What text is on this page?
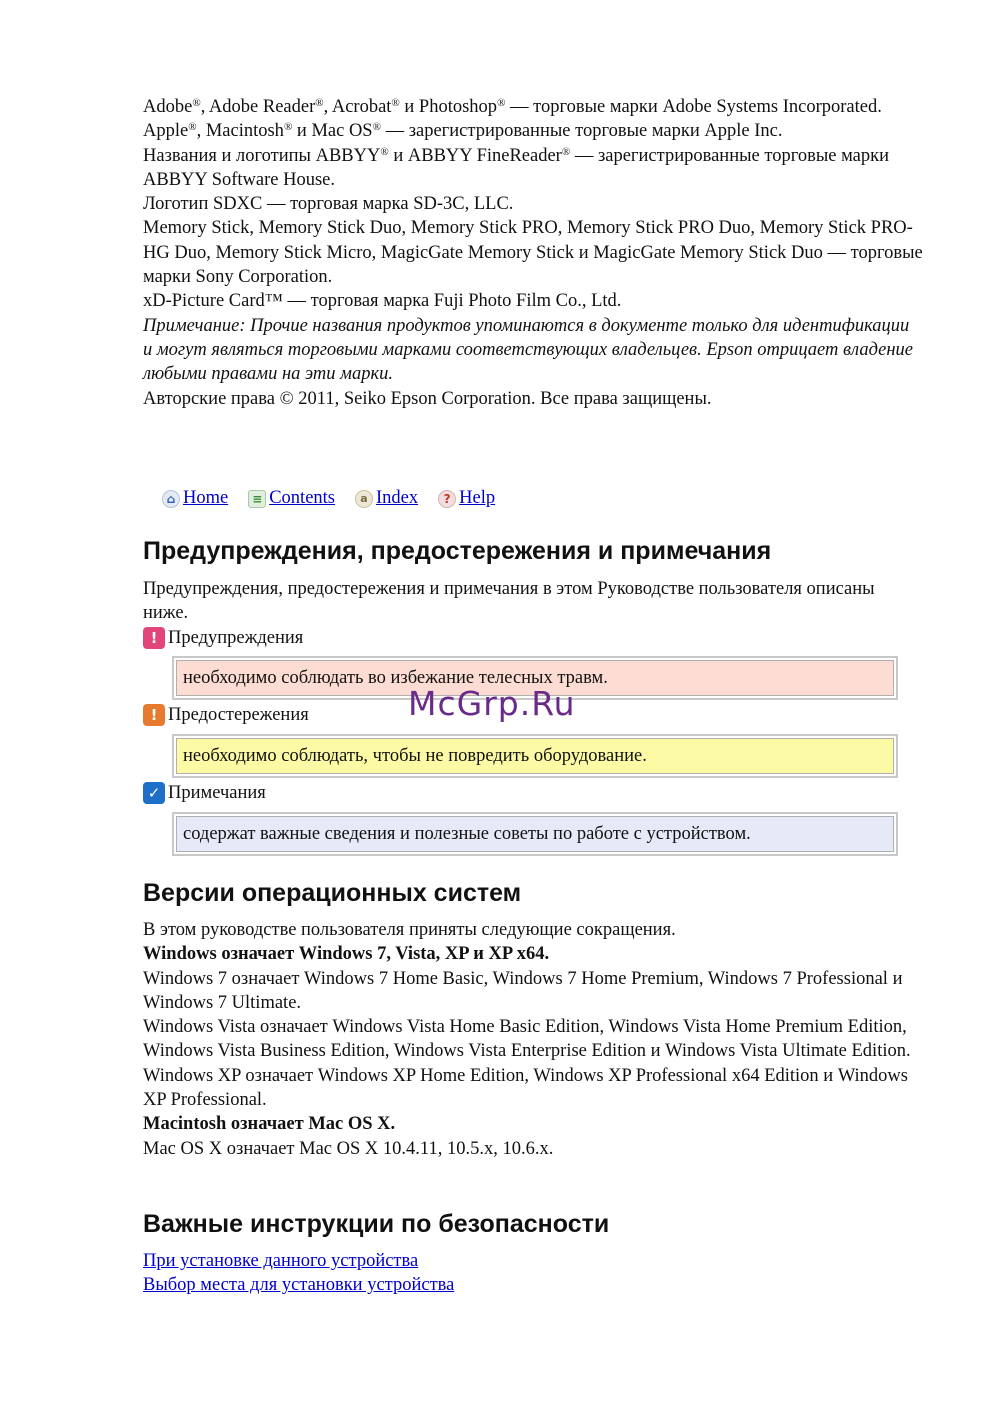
Adobe®, Adobe Reader®, Acrobat® и Photoshop® — торговые марки Adobe Systems Incorporated.

Apple®, Macintosh® и Mac OS® — зарегистрированные торговые марки Apple Inc.

Названия и логотипы ABBYY® и ABBYY FineReader® — зарегистрированные торговые марки ABBYY Software House.

Логотип SDXC — торговая марка SD-3C, LLC.

Memory Stick, Memory Stick Duo, Memory Stick PRO, Memory Stick PRO Duo, Memory Stick PRO-HG Duo, Memory Stick Micro, MagicGate Memory Stick и MagicGate Memory Stick Duo — торговые марки Sony Corporation.

xD-Picture Card™ — торговая марка Fuji Photo Film Co., Ltd.

Примечание: Прочие названия продуктов упоминаются в документе только для идентификации и могут являться торговыми марками соответствующих владельцев. Epson отрицает владение любыми правами на эти марки.

Авторские права © 2011, Seiko Epson Corporation. Все права защищены.

⌂ Home	≡ Contents	a Index	? Help
Предупреждения, предостережения и примечания

Предупреждения, предостережения и примечания в этом Руководстве пользователя описаны ниже.

! Предупреждения
необходимо соблюдать во избежание телесных травм.
! Предостережения
необходимо соблюдать, чтобы не повредить оборудование.
✓ Примечания
содержат важные сведения и полезные советы по работе с устройством.
McGrp.Ru
Версии операционных систем

В этом руководстве пользователя приняты следующие сокращения.

Windows означает Windows 7, Vista, XP и XP x64.

Windows 7 означает Windows 7 Home Basic, Windows 7 Home Premium, Windows 7 Professional и Windows 7 Ultimate.

Windows Vista означает Windows Vista Home Basic Edition, Windows Vista Home Premium Edition, Windows Vista Business Edition, Windows Vista Enterprise Edition и Windows Vista Ultimate Edition.

Windows XP означает Windows XP Home Edition, Windows XP Professional x64 Edition и Windows XP Professional.

Macintosh означает Mac OS X.

Mac OS X означает Mac OS X 10.4.11, 10.5.x, 10.6.x.

Важные инструкции по безопасности
При установке данного устройства
Выбор места для установки устройства
